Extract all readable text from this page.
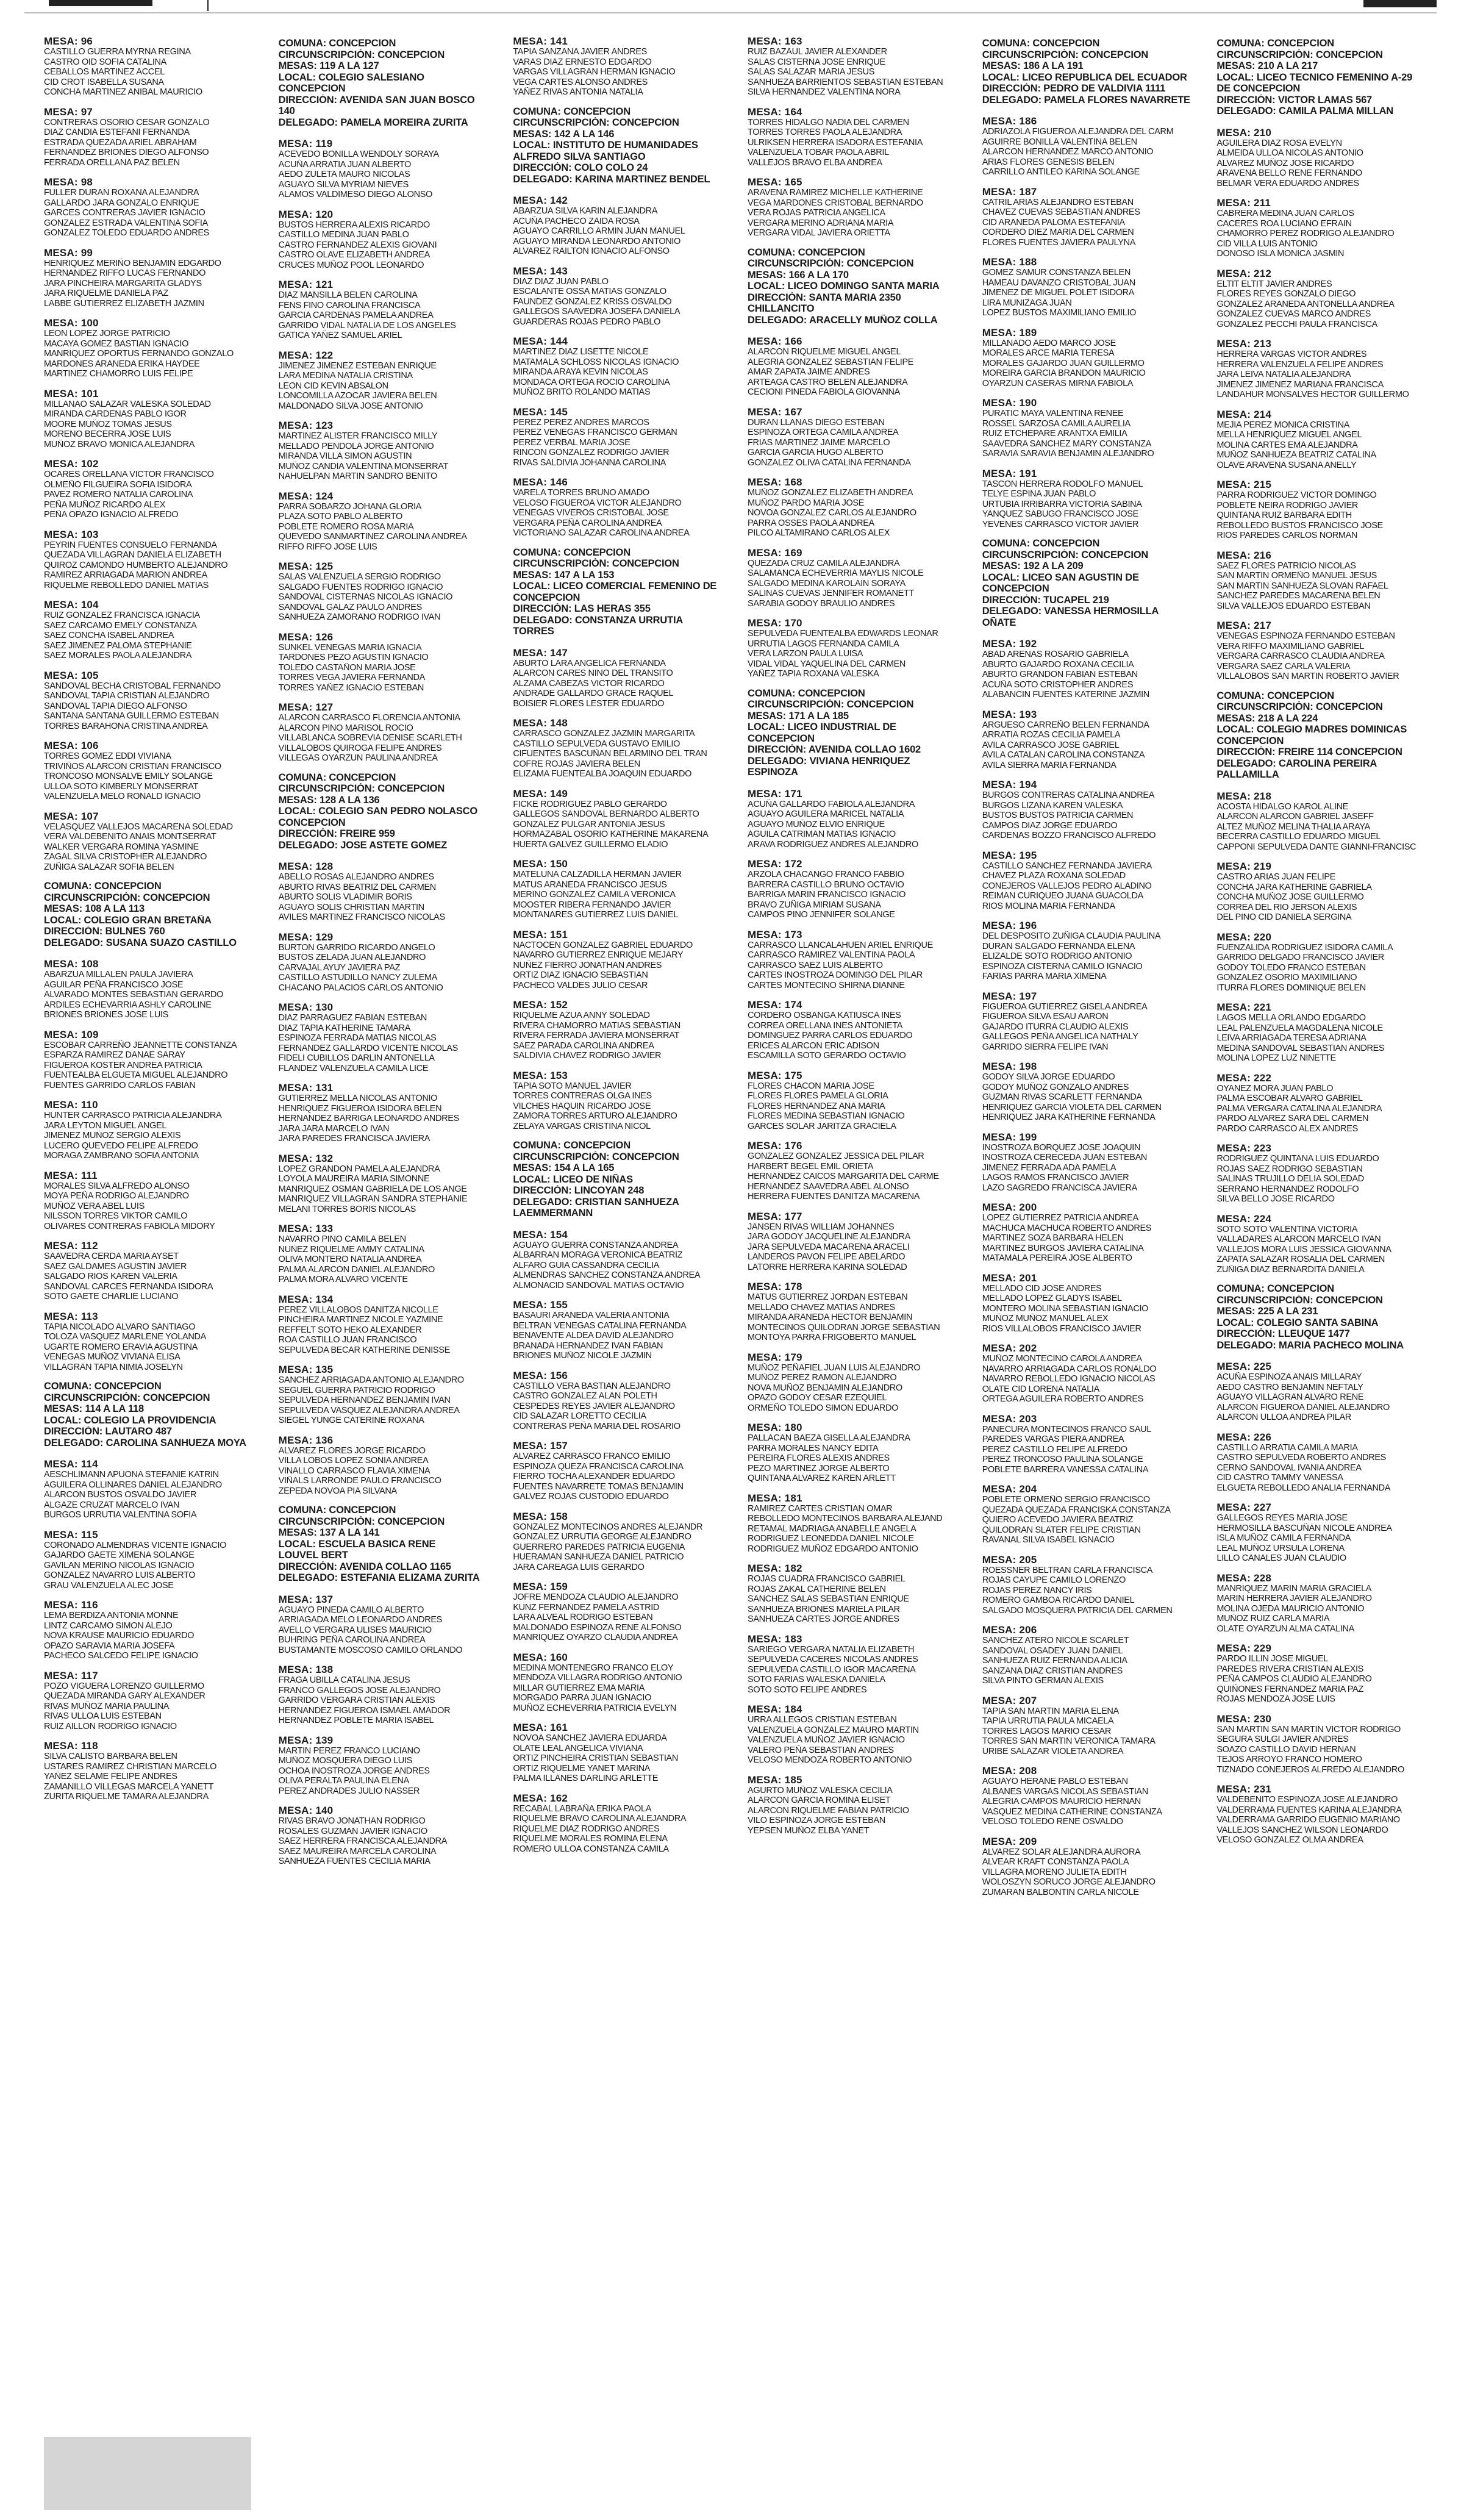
MESA: 96
CASTILLO GUERRA MYRNA REGINA
CASTRO OID SOFIA CATALINA
CEBALLOS MARTINEZ ACCEL
CID CROT ISABELLA SUSANA
CONCHA MARTINEZ ANIBAL MAURICIO
MESA: 97
CONTRERAS OSORIO CESAR GONZALO
DIAZ CANDIA ESTEFANI FERNANDA
ESTRADA QUEZADA ARIEL ABRAHAM
FERNANDEZ BRIONES DIEGO ALFONSO
FERRADA ORELLANA PAZ BELEN
MESA: 98
FULLER DURAN ROXANA ALEJANDRA
GALLARDO JARA GONZALO ENRIQUE
GARCES CONTRERAS JAVIER IGNACIO
GONZALEZ ESTRADA VALENTINA SOFIA
GONZALEZ TOLEDO EDUARDO ANDRES
MESA: 99
HENRIQUEZ MERIÑO BENJAMIN EDGARDO
HERNANDEZ RIFFO LUCAS FERNANDO
JARA PINCHEIRA MARGARITA GLADYS
JARA RIQUELME DANIELA PAZ
LABBE GUTIERREZ ELIZABETH JAZMIN
MESA: 100
LEON LOPEZ JORGE PATRICIO
MACAYA GOMEZ BASTIAN IGNACIO
MANRIQUEZ OPORTUS FERNANDO GONZALO
MARDONES ARANEDA ERIKA HAYDEE
MARTINEZ CHAMORRO LUIS FELIPE
MESA: 101
MILLANAO SALAZAR VALESKA SOLEDAD
MIRANDA CARDENAS PABLO IGOR
MOORE MUÑOZ TOMAS JESUS
MORENO BECERRA JOSE LUIS
MUÑOZ BRAVO MONICA ALEJANDRA
MESA: 102
OCARES ORELLANA VICTOR FRANCISCO
OLMEÑO FILGUEIRA SOFIA ISIDORA
PAVEZ ROMERO NATALIA CAROLINA
PEÑA MUÑOZ RICARDO ALEX
PEÑA OPAZO IGNACIO ALFREDO
MESA: 103
PEYRIN FUENTES CONSUELO FERNANDA
QUEZADA VILLAGRAN DANIELA ELIZABETH
QUIROZ CAMONDO HUMBERTO ALEJANDRO
RAMIREZ ARRIAGADA MARION ANDREA
RIQUELME REBOLLEDO DANIEL MATIAS
MESA: 104
RUIZ GONZALEZ FRANCISCA IGNACIA
SAEZ CARCAMO EMELY CONSTANZA
SAEZ CONCHA ISABEL ANDREA
SAEZ JIMENEZ PALOMA STEPHANIE
SAEZ MORALES PAOLA ALEJANDRA
MESA: 105
SANDOVAL BECHA CRISTOBAL FERNANDO
SANDOVAL TAPIA CRISTIAN ALEJANDRO
SANDOVAL TAPIA DIEGO ALFONSO
SANTANA SANTANA GUILLERMO ESTEBAN
TORRES BARAHONA CRISTINA ANDREA
MESA: 106
TORRES GOMEZ EDDI VIVIANA
TRIVIÑOS ALARCON CRISTIAN FRANCISCO
TRONCOSO MONSALVE EMILY SOLANGE
ULLOA SOTO KIMBERLY MONSERRAT
VALENZUELA MELO RONALD IGNACIO
MESA: 107
VELASQUEZ VALLEJOS MACARENA SOLEDAD
VERA VALDEBENITO ANAIS MONTSERRAT
WALKER VERGARA ROMINA YASMINE
ZAGAL SILVA CRISTOPHER ALEJANDRO
ZUÑIGA SALAZAR SOFIA BELEN
COMUNA: CONCEPCION
CIRCUNSCRIPCIÓN: CONCEPCION
MESAS: 108 A LA 113
LOCAL: COLEGIO GRAN BRETAÑA
DIRECCIÓN: BULNES 760
DELEGADO: SUSANA SUAZO CASTILLO
MESA: 108
ABARZUA MILLALEN PAULA JAVIERA
AGUILAR PEÑA FRANCISCO JOSE
ALVARADO MONTES SEBASTIAN GERARDO
ARDILES ECHEVARRIA ASHLY CAROLINE
BRIONES BRIONES JOSE LUIS
MESA: 109
ESCOBAR CARREÑO JEANNETTE CONSTANZA
ESPARZA RAMIREZ DANAE SARAY
FIGUEROA KOSTER ANDREA PATRICIA
FUENTEALBA ELGUETA MIGUEL ALEJANDRO
FUENTES GARRIDO CARLOS FABIAN
MESA: 110
HUNTER CARRASCO PATRICIA ALEJANDRA
JARA LEYTON MIGUEL ANGEL
JIMENEZ MUÑOZ SERGIO ALEXIS
LUCERO QUEVEDO FELIPE ALFREDO
MORAGA ZAMBRANO SOFIA ANTONIA
MESA: 111
MORALES SILVA ALFREDO ALONSO
MOYA PEÑA RODRIGO ALEJANDRO
MUÑOZ VERA ABEL LUIS
NILSSON TORRES VIKTOR CAMILO
OLIVARES CONTRERAS FABIOLA MIDORY
MESA: 112
SAAVEDRA CERDA MARIA AYSET
SAEZ GALDAMES AGUSTIN JAVIER
SALGADO RIOS KAREN VALERIA
SANDOVAL CARCES FERNANDA ISIDORA
SOTO GAETE CHARLIE LUCIANO
MESA: 113
TAPIA NICOLADO ALVARO SANTIAGO
TOLOZA VASQUEZ MARLENE YOLANDA
UGARTE ROMERO ERAVIA AGUSTINA
VENEGAS MUÑOZ VIVIANA ELISA
VILLAGRAN TAPIA NIMIA JOSELYN
COMUNA: CONCEPCION
CIRCUNSCRIPCIÓN: CONCEPCION
MESAS: 114 A LA 118
LOCAL: COLEGIO LA PROVIDENCIA
DIRECCIÓN: LAUTARO 487
DELEGADO: CAROLINA SANHUEZA MOYA
MESA: 114
AESCHLIMANN APUONA STEFANIE KATRIN
AGUILERA OLLINARES DANIEL ALEJANDRO
ALARCON BUSTOS OSVALDO JAVIER
ALGAZE CRUZAT MARCELO IVAN
BURGOS URRUTIA VALENTINA SOFIA
MESA: 115
CORONADO ALMENDRAS VICENTE IGNACIO
GAJARDO GAETE XIMENA SOLANGE
GAVILAN MERINO NICOLAS IGNACIO
GONZALEZ NAVARRO LUIS ALBERTO
GRAU VALENZUELA ALEC JOSE
MESA: 116
LEMA BERDIZA ANTONIA MONNE
LINTZ CARCAMO SIMON ALEJO
NOVA KRAUSE MAURICIO EDUARDO
OPAZO SARAVIA MARIA JOSEFA
PACHECO SALCEDO FELIPE IGNACIO
MESA: 117
POZO VIGUERA LORENZO GUILLERMO
QUEZADA MIRANDA GARY ALEXANDER
RIVAS MUÑOZ MARIA PAULINA
RIVAS ULLOA LUIS ESTEBAN
RUIZ AILLON RODRIGO IGNACIO
MESA: 118
SILVA CALISTO BARBARA BELEN
USTARES RAMIREZ CHRISTIAN MARCELO
YAÑEZ SELAME FELIPE ANDRES
ZAMANILLO VILLEGAS MARCELA YANETT
ZURITA RIQUELME TAMARA ALEJANDRA
COMUNA: CONCEPCION
CIRCUNSCRIPCIÓN: CONCEPCION
MESAS: 119 A LA 127
LOCAL: COLEGIO SALESIANO
CONCEPCION
DIRECCIÓN: AVENIDA SAN JUAN BOSCO
140
DELEGADO: PAMELA MOREIRA ZURITA
MESA: 119
ACEVEDO BONILLA WENDOLY SORAYA
ACUÑA ARRATIA JUAN ALBERTO
AEDO ZULETA MAURO NICOLAS
AGUAYO SILVA MYRIAM NIEVES
ALAMOS VALDIMESO DIEGO ALONSO
MESA: 120
BUSTOS HERRERA ALEXIS RICARDO
CASTILLO MEDINA JUAN PABLO
CASTRO FERNANDEZ ALEXIS GIOVANI
CASTRO OLAVE ELIZABETH ANDREA
CRUCES MUÑOZ POOL LEONARDO
MESA: 121
DIAZ MANSILLA BELEN CAROLINA
FENS FINO CAROLINA FRANCISCA
GARCIA CARDENAS PAMELA ANDREA
GARRIDO VIDAL NATALIA DE LOS ANGELES
GATICA YAÑEZ SAMUEL ARIEL
MESA: 122
JIMENEZ JIMENEZ ESTEBAN ENRIQUE
LARA MEDINA NATALIA CRISTINA
LEON CID KEVIN ABSALON
LONCOMILLA AZOCAR JAVIERA BELEN
MALDONADO SILVA JOSE ANTONIO
MESA: 123
MARTINEZ ALISTER FRANCISCO MILLY
MELLADO PENDOLA JORGE ANTONIO
MIRANDA VILLA SIMON AGUSTIN
MUÑOZ CANDIA VALENTINA MONSERRAT
NAHUELPAN MARTIN SANDRO BENITO
MESA: 124
PARRA SOBARZO JOHANA GLORIA
PLAZA SOTO PABLO ALBERTO
POBLETE ROMERO ROSA MARIA
QUEVEDO SANMARTINEZ CAROLINA ANDREA
RIFFO RIFFO JOSE LUIS
MESA: 125
SALAS VALENZUELA SERGIO RODRIGO
SALGADO FUENTES RODRIGO IGNACIO
SANDOVAL CISTERNAS NICOLAS IGNACIO
SANDOVAL GALAZ PAULO ANDRES
SANHUEZA ZAMORANO RODRIGO IVAN
MESA: 126
SUNKEL VENEGAS MARIA IGNACIA
TARDONES PEZO AGUSTIN IGNACIO
TOLEDO CASTAÑON MARIA JOSE
TORRES VEGA JAVIERA FERNANDA
TORRES YAÑEZ IGNACIO ESTEBAN
MESA: 127
ALARCON CARRASCO FLORENCIA ANTONIA
ALARCON PINO MARISOL ROCIO
VILLABLANCA SOBREVIA DENISE SCARLETH
VILLALOBOS QUIROGA FELIPE ANDRES
VILLEGAS OYARZUN PAULINA ANDREA
COMUNA: CONCEPCION
CIRCUNSCRIPCIÓN: CONCEPCION
MESAS: 128 A LA 136
LOCAL: COLEGIO SAN PEDRO NOLASCO
CONCEPCION
DIRECCIÓN: FREIRE 959
DELEGADO: JOSE ASTETE GOMEZ
MESA: 128
ABELLO ROSAS ALEJANDRO ANDRES
ABURTO RIVAS BEATRIZ DEL CARMEN
ABURTO SOLIS VLADIMIR BORIS
AGUAYO SOLIS CHRISTIAN MARTIN
AVILES MARTINEZ FRANCISCO NICOLAS
MESA: 129
BURTON GARRIDO RICARDO ANGELO
BUSTOS ZELADA JUAN ALEJANDRO
CARVAJAL AYUY JAVIERA PAZ
CASTILLO ASTUDILLO NANCY ZULEMA
CHACANO PALACIOS CARLOS ANTONIO
MESA: 130
DIAZ PARRAGUEZ FABIAN ESTEBAN
DIAZ TAPIA KATHERINE TAMARA
ESPINOZA FERRADA MATIAS NICOLAS
FERNANDEZ GALLARDO VICENTE NICOLAS
FIDELI CUBILLOS DARLIN ANTONELLA
FLANDEZ VALENZUELA CAMILA LICE
MESA: 131
GUTIERREZ MELLA NICOLAS ANTONIO
HENRIQUEZ FIGUEROA ISIDORA BELEN
HERNANDEZ BARRIGA LEONARDO ANDRES
JARA JARA MARCELO IVAN
JARA PAREDES FRANCISCA JAVIERA
MESA: 132
LOPEZ GRANDON PAMELA ALEJANDRA
LOYOLA MAUREIRA MARIA SIMONNE
MANRIQUEZ OSMAN GABRIELA DE LOS ANGE
MANRIQUEZ VILLAGRAN SANDRA STEPHANIE
MELANI TORRES BORIS NICOLAS
MESA: 133
NAVARRO PINO CAMILA BELEN
NUÑEZ RIQUELME AMMY CATALINA
OLIVA MONTERO NATALIA ANDREA
PALMA ALARCON DANIEL ALEJANDRO
PALMA MORA ALVARO VICENTE
MESA: 134
PEREZ VILLALOBOS DANITZA NICOLLE
PINCHEIRA MARTINEZ NICOLE YAZMINE
REFFELT SOTO HEKO ALEXANDER
ROA CASTILLO JUAN FRANCISCO
SEPULVEDA BECAR KATHERINE DENISSE
MESA: 135
SANCHEZ ARRIAGADA ANTONIO ALEJANDRO
SEGUEL GUERRA PATRICIO RODRIGO
SEPULVEDA HERNANDEZ BENJAMIN IVAN
SEPULVEDA VASQUEZ ALEJANDRA ANDREA
SIEGEL YUNGE CATERINE ROXANA
MESA: 136
ALVAREZ FLORES JORGE RICARDO
VILLA LOBOS LOPEZ SONIA ANDREA
VINALLO CARRASCO FLAVIA XIMENA
VIÑALS LARRONDE PAULO FRANCISCO
ZEPEDA NOVOA PIA SILVANA
COMUNA: CONCEPCION
CIRCUNSCRIPCIÓN: CONCEPCION
MESAS: 137 A LA 141
LOCAL: ESCUELA BASICA RENE
LOUVEL BERT
DIRECCIÓN: AVENIDA COLLAO 1165
DELEGADO: ESTEFANIA ELIZAMA ZURITA
MESA: 137
AGUAYO PINEDA CAMILO ALBERTO
ARRIAGADA MELO LEONARDO ANDRES
AVELLO VERGARA ULISES MAURICIO
BUHRING PEÑA CAROLINA ANDREA
BUSTAMANTE MOSCOSO CAMILO ORLANDO
MESA: 138
FRAGA UBILLA CATALINA JESUS
FRANCO GALLEGOS JOSE ALEJANDRO
GARRIDO VERGARA CRISTIAN ALEXIS
HERNANDEZ FIGUEROA ISMAEL AMADOR
HERNANDEZ POBLETE MARIA ISABEL
MESA: 139
MARTIN PEREZ FRANCO LUCIANO
MUÑOZ MOSQUERA DIEGO LUIS
OCHOA INOSTROZA JORGE ANDRES
OLIVA PERALTA PAULINA ELENA
PEREZ ANDRADES JULIO NASSER
MESA: 140
RIVAS BRAVO JONATHAN RODRIGO
ROSALES GUZMAN JAVIER IGNACIO
SAEZ HERRERA FRANCISCA ALEJANDRA
SAEZ MAUREIRA MARCELA CAROLINA
SANHUEZA FUENTES CECILIA MARIA
MESA: 141
TAPIA SANZANA JAVIER ANDRES
VARAS DIAZ ERNESTO EDGARDO
VARGAS VILLAGRAN HERMAN IGNACIO
VEGA CARTES ALONSO ANDRES
YAÑEZ RIVAS ANTONIA NATALIA
COMUNA: CONCEPCION
CIRCUNSCRIPCIÓN: CONCEPCION
MESAS: 142 A LA 146
LOCAL: INSTITUTO DE HUMANIDADES
ALFREDO SILVA SANTIAGO
DIRECCIÓN: COLO COLO 24
DELEGADO: KARINA MARTINEZ BENDEL
MESA: 142
ABARZUA SILVA KARIN ALEJANDRA
ACUÑA PACHECO ZAIDA ROSA
AGUAYO CARRILLO ARMIN JUAN MANUEL
AGUAYO MIRANDA LEONARDO ANTONIO
ALVAREZ RAILTON IGNACIO ALFONSO
MESA: 143
DIAZ DIAZ JUAN PABLO
ESCALANTE OSSA MATIAS GONZALO
FAUNDEZ GONZALEZ KRISS OSVALDO
GALLEGOS SAAVEDRA JOSEFA DANIELA
GUARDERAS ROJAS PEDRO PABLO
MESA: 144
MARTINEZ DIAZ LISETTE NICOLE
MATAMALA SCHLOSS NICOLAS IGNACIO
MIRANDA ARAYA KEVIN NICOLAS
MONDACA ORTEGA ROCIO CAROLINA
MUÑOZ BRITO ROLANDO MATIAS
MESA: 145
PEREZ PEREZ ANDRES MARCOS
PEREZ VENEGAS FRANCISCO GERMAN
PEREZ VERBAL MARIA JOSE
RINCON GONZALEZ RODRIGO JAVIER
RIVAS SALDIVIA JOHANNA CAROLINA
MESA: 146
VARELA TORRES BRUNO AMADO
VELOSO FIGUEROA VICTOR ALEJANDRO
VENEGAS VIVEROS CRISTOBAL JOSE
VERGARA PEÑA CAROLINA ANDREA
VICTORIANO SALAZAR CAROLINA ANDREA
COMUNA: CONCEPCION
CIRCUNSCRIPCIÓN: CONCEPCION
MESAS: 147 A LA 153
LOCAL: LICEO COMERCIAL FEMENINO DE
CONCEPCION
DIRECCIÓN: LAS HERAS 355
DELEGADO: CONSTANZA URRUTIA
TORRES
MESA: 147
ABURTO LARA ANGELICA FERNANDA
ALARCON CARES NINO DEL TRANSITO
ALZAMA CABEZAS VICTOR RICARDO
ANDRADE GALLARDO GRACE RAQUEL
BOISIER FLORES LESTER EDUARDO
MESA: 148
CARRASCO GONZALEZ JAZMIN MARGARITA
CASTILLO SEPULVEDA GUSTAVO EMILIO
CIFUENTES BASCUÑAN BELARMINO DEL TRAN
COFRE ROJAS JAVIERA BELEN
ELIZAMA FUENTEALBA JOAQUIN EDUARDO
MESA: 149
FICKE RODRIGUEZ PABLO GERARDO
GALLEGOS SANDOVAL BERNARDO ALBERTO
GONZALEZ PULGAR ANTONIA JESUS
HORMAZABAL OSORIO KATHERINE MAKARENA
HUERTA GALVEZ GUILLERMO ELADIO
MESA: 150
MATELUNA CALZADILLA HERMAN JAVIER
MATUS ARANEDA FRANCISCO JESUS
MERINO GONZALEZ CAMILA VERONICA
MOOSTER RIBERA FERNANDO JAVIER
MONTANARES GUTIERREZ LUIS DANIEL
MESA: 151
NACTOCEN GONZALEZ GABRIEL EDUARDO
NAVARRO GUTIERREZ ENRIQUE MEJARY
NUÑEZ FIERRO JONATHAN ANDRES
ORTIZ DIAZ IGNACIO SEBASTIAN
PACHECO VALDES JULIO CESAR
MESA: 152
RIQUELME AZUA ANNY SOLEDAD
RIVERA CHAMORRO MATIAS SEBASTIAN
RIVERA FERRADA JAVIERA MONSERRAT
SAEZ PARADA CAROLINA ANDREA
SALDIVIA CHAVEZ RODRIGO JAVIER
MESA: 153
TAPIA SOTO MANUEL JAVIER
TORRES CONTRERAS OLGA INES
VILCHES HAQUIN RICARDO JOSE
ZAMORA TORRES ARTURO ALEJANDRO
ZELAYA VARGAS CRISTINA NICOL
COMUNA: CONCEPCION
CIRCUNSCRIPCIÓN: CONCEPCION
MESAS: 154 A LA 165
LOCAL: LICEO DE NIÑAS
DIRECCIÓN: LINCOYAN 248
DELEGADO: CRISTIAN SANHUEZA
LAEMMERMANN
MESA: 154
AGUAYO GUERRA CONSTANZA ANDREA
ALBARRAN MORAGA VERONICA BEATRIZ
ALFARO GUIA CASSANDRA CECILIA
ALMENDRAS SANCHEZ CONSTANZA ANDREA
ALMONACID SANDOVAL MATIAS OCTAVIO
MESA: 155
BASAURI ARANEDA VALERIA ANTONIA
BELTRAN VENEGAS CATALINA FERNANDA
BENAVENTE ALDEA DAVID ALEJANDRO
BRANADA HERNANDEZ IVAN FABIAN
BRIONES MUÑOZ NICOLE JAZMIN
MESA: 156
CASTILLO VERA BASTIAN ALEJANDRO
CASTRO GONZALEZ ALAN POLETH
CESPEDES REYES JAVIER ALEJANDRO
CID SALAZAR LORETTO CECILIA
CONTRERAS PEÑA MARIA DEL ROSARIO
MESA: 157
ALVAREZ CARRASCO FRANCO EMILIO
ESPINOZA QUEZA FRANCISCA CAROLINA
FIERRO TOCHA ALEXANDER EDUARDO
FUENTES NAVARRETE TOMAS BENJAMIN
GALVEZ ROJAS CUSTODIO EDUARDO
MESA: 158
GONZALEZ MONTECINOS ANDRES ALEJANDR
GONZALEZ URRUTIA GEORGE ALEJANDRO
GUERRERO PAREDES PATRICIA EUGENIA
HUERAMAN SANHUEZA DANIEL PATRICIO
JARA CAREAGA LUIS GERARDO
MESA: 159
JOFRE MENDOZA CLAUDIO ALEJANDRO
KUNZ FERNANDEZ PAMELA ASTRID
LARA ALVEAL RODRIGO ESTEBAN
MALDONADO ESPINOZA RENE ALFONSO
MANRIQUEZ OYARZO CLAUDIA ANDREA
MESA: 160
MEDINA MONTENEGRO FRANCO ELOY
MENDOZA VILLAGRA RODRIGO ANTONIO
MILLAR GUTIERREZ EMA MARIA
MORGADO PARRA JUAN IGNACIO
MUÑOZ ECHEVERRIA PATRICIA EVELYN
MESA: 161
NOVOA SANCHEZ JAVIERA EDUARDA
OLATE LEAL ANGELICA VIVIANA
ORTIZ PINCHEIRA CRISTIAN SEBASTIAN
ORTIZ RIQUELME YANET MARINA
PALMA ILLANES DARLING ARLETTE
MESA: 162
RECABAL LABRAÑA ERIKA PAOLA
RIQUELME BRAVO CAROLINA ALEJANDRA
RIQUELME DIAZ RODRIGO ANDRES
RIQUELME MORALES ROMINA ELENA
ROMERO ULLOA CONSTANZA CAMILA
MESA: 163
RUIZ BAZAUL JAVIER ALEXANDER
SALAS CISTERNA JOSE ENRIQUE
SALAS SALAZAR MARIA JESUS
SANHUEZA BARRIENTOS SEBASTIAN ESTEBAN
SILVA HERNANDEZ VALENTINA NORA
MESA: 164
TORRES HIDALGO NADIA DEL CARMEN
TORRES TORRES PAOLA ALEJANDRA
ULRIKSEN HERRERA ISADORA ESTEFANIA
VALENZUELA TOBAR PAOLA ABRIL
VALLEJOS BRAVO ELBA ANDREA
MESA: 165
ARAVENA RAMIREZ MICHELLE KATHERINE
VEGA MARDONES CRISTOBAL BERNARDO
VERA ROJAS PATRICIA ANGELICA
VERGARA MERINO ADRIANA MARIA
VERGARA VIDAL JAVIERA ORIETTA
COMUNA: CONCEPCION
CIRCUNSCRIPCIÓN: CONCEPCION
MESAS: 166 A LA 170
LOCAL: LICEO DOMINGO SANTA MARIA
DIRECCIÓN: SANTA MARIA 2350
CHILLANCITO
DELEGADO: ARACELLY MUÑOZ COLLA
MESA: 166
ALARCON RIQUELME MIGUEL ANGEL
ALEGRIA GONZALEZ SEBASTIAN FELIPE
AMAR ZAPATA JAIME ANDRES
ARTEAGA CASTRO BELEN ALEJANDRA
CECIONI PINEDA FABIOLA GIOVANNA
MESA: 167
DURAN LLANAS DIEGO ESTEBAN
ESPINOZA ORTEGA CAMILA ANDREA
FRIAS MARTINEZ JAIME MARCELO
GARCIA GARCIA HUGO ALBERTO
GONZALEZ OLIVA CATALINA FERNANDA
MESA: 168
MUÑOZ GONZALEZ ELIZABETH ANDREA
MUÑOZ PARDO MARIA JOSE
NOVOA GONZALEZ CARLOS ALEJANDRO
PARRA OSSES PAOLA ANDREA
PILCO ALTAMIRANO CARLOS ALEX
MESA: 169
QUEZADA CRUZ CAMILA ALEJANDRA
SALAMANCA ECHEVERRIA MAYLIS NICOLE
SALGADO MEDINA KAROLAIN SORAYA
SALINAS CUEVAS JENNIFER ROMANETT
SARABIA GODOY BRAULIO ANDRES
MESA: 170
SEPULVEDA FUENTEALBA EDWARDS LEONAR
URRUTIA LAGOS FERNANDA CAMILA
VERA LARZON PAULA LUISA
VIDAL VIDAL YAQUELINA DEL CARMEN
YAÑEZ TAPIA ROXANA VALESKA
COMUNA: CONCEPCION
CIRCUNSCRIPCIÓN: CONCEPCION
MESAS: 171 A LA 185
LOCAL: LICEO INDUSTRIAL DE
CONCEPCION
DIRECCIÓN: AVENIDA COLLAO 1602
DELEGADO: VIVIANA HENRIQUEZ
ESPINOZA
MESA: 171
ACUÑA GALLARDO FABIOLA ALEJANDRA
AGUAYO AGUILERA MARICEL NATALIA
AGUAYO MUÑOZ ELVIO ENRIQUE
AGUILA CATRIMAN MATIAS IGNACIO
ARAVA RODRIGUEZ ANDRES ALEJANDRO
MESA: 172
ARZOLA CHACANGO FRANCO FABBIO
BARRERA CASTILLO BRUNO OCTAVIO
BARRIGA MARIN FRANCISCO IGNACIO
BRAVO ZUÑIGA MIRIAM SUSANA
CAMPOS PINO JENNIFER SOLANGE
MESA: 173
CARRASCO LLANCALAHUEN ARIEL ENRIQUE
CARRASCO RAMIREZ VALENTINA PAOLA
CARRASCO SAEZ LUIS ALBERTO
CARTES INOSTROZA DOMINGO DEL PILAR
CARTES MONTECINO SHIRNA DIANNE
MESA: 174
CORDERO OSBANGA KATIUSCA INES
CORREA ORELLANA INES ANTONIETA
DOMINGUEZ PARRA CARLOS EDUARDO
ERICES ALARCON ERIC ADISON
ESCAMILLA SOTO GERARDO OCTAVIO
MESA: 175
FLORES CHACON MARIA JOSE
FLORES FLORES PAMELA GLORIA
FLORES HERNANDEZ ANA MARIA
FLORES MEDINA SEBASTIAN IGNACIO
GARCES SOLAR JARITZA GRACIELA
MESA: 176
GONZALEZ GONZALEZ JESSICA DEL PILAR
HARBERT BEGEL EMIL ORIETA
HERNANDEZ CAICOS MARGARITA DEL CARME
HERNANDEZ SAAVEDRA ABEL ALONSO
HERRERA FUENTES DANITZA MACARENA
MESA: 177
JANSEN RIVAS WILLIAM JOHANNES
JARA GODOY JACQUELINE ALEJANDRA
JARA SEPULVEDA MACARENA ARACELI
LANDEROS PAVON FELIPE ABELARDO
LATORRE HERRERA KARINA SOLEDAD
MESA: 178
MATUS GUTIERREZ JORDAN ESTEBAN
MELLADO CHAVEZ MATIAS ANDRES
MIRANDA ARANEDA HECTOR BENJAMIN
MONTECINOS QUILODRAN JORGE SEBASTIAN
MONTOYA PARRA FRIGOBERTO MANUEL
MESA: 179
MUÑOZ PEÑAFIEL JUAN LUIS ALEJANDRO
MUÑOZ PEREZ RAMON ALEJANDRO
NOVA MUÑOZ BENJAMIN ALEJANDRO
OPAZO GODOY CESAR EZEQUIEL
ORMEÑO TOLEDO SIMON EDUARDO
MESA: 180
PALLACAN BAEZA GISELLA ALEJANDRA
PARRA MORALES NANCY EDITA
PEREIRA FLORES ALEXIS ANDRES
PEZO MARTINEZ JORGE ALBERTO
QUINTANA ALVAREZ KAREN ARLETT
MESA: 181
RAMIREZ CARTES CRISTIAN OMAR
REBOLLEDO MONTECINOS BARBARA ALEJAND
RETAMAL MADRIAGA ANABELLE ANGELA
RODRIGUEZ LEONEDDA DANIEL NICOLE
RODRIGUEZ MUÑOZ EDGARDO ANTONIO
MESA: 182
ROJAS CUADRA FRANCISCO GABRIEL
ROJAS ZAKAL CATHERINE BELEN
SANCHEZ SALAS SEBASTIAN ENRIQUE
SANHUEZA BRIONES MARIELA PILAR
SANHUEZA CARTES JORGE ANDRES
MESA: 183
SARIEGO VERGARA NATALIA ELIZABETH
SEPULVEDA CACERES NICOLAS ANDRES
SEPULVEDA CASTILLO IGOR MACARENA
SOTO FARIAS WALESKA DANIELA
SOTO SOTO FELIPE ANDRES
MESA: 184
URRA ALLEGOS CRISTIAN ESTEBAN
VALENZUELA GONZALEZ MAURO MARTIN
VALENZUELA MUÑOZ JAVIER IGNACIO
VALERO PEÑA SEBASTIAN ANDRES
VELOSO MENDOZA ROBERTO ANTONIO
MESA: 185
AGURTO MUÑOZ VALESKA CECILIA
ALARCON GARCIA ROMINA ELISET
ALARCON RIQUELME FABIAN PATRICIO
VILO ESPINOZA JORGE ESTEBAN
YEPSEN MUÑOZ ELBA YANET
COMUNA: CONCEPCION
CIRCUNSCRIPCIÓN: CONCEPCION
MESAS: 186 A LA 191
LOCAL: LICEO REPUBLICA DEL ECUADOR
DIRECCIÓN: PEDRO DE VALDIVIA 1111
DELEGADO: PAMELA FLORES NAVARRETE
MESA: 186
ADRIAZOLA FIGUEROA ALEJANDRA DEL CARM
AGUIRRE BONILLA VALENTINA BELEN
ALARCON HERNANDEZ MARCO ANTONIO
ARIAS FLORES GENESIS BELEN
CARRILLO ANTILEO KARINA SOLANGE
MESA: 187
CATRIL ARIAS ALEJANDRO ESTEBAN
CHAVEZ CUEVAS SEBASTIAN ANDRES
CID ARANEDA PALOMA ESTEFANIA
CORDERO DIEZ MARIA DEL CARMEN
FLORES FUENTES JAVIERA PAULYNA
MESA: 188
GOMEZ SAMUR CONSTANZA BELEN
HAMEAU DAVANZO CRISTOBAL JUAN
JIMENEZ DE MIGUEL POLET ISIDORA
LIRA MUNIZAGA JUAN
LOPEZ BUSTOS MAXIMILIANO EMILIO
MESA: 189
MILLANADO AEDO MARCO JOSE
MORALES ARCE MARIA TERESA
MORALES GAJARDO JUAN GUILLERMO
MOREIRA GARCIA BRANDON MAURICIO
OYARZUN CASERAS MIRNA FABIOLA
MESA: 190
PURATIC MAYA VALENTINA RENEE
ROSSEL SARZOSA CAMILA AURELIA
RUIZ ETCHEPARE ARANTXA EMILIA
SAAVEDRA SANCHEZ MARY CONSTANZA
SARAVIA SARAVIA BENJAMIN ALEJANDRO
MESA: 191
TASCON HERRERA RODOLFO MANUEL
TELYE ESPINA JUAN PABLO
URTUBIA IRRIBARRA VICTORIA SABINA
YANQUEZ SABUGO FRANCISCO JOSE
YEVENES CARRASCO VICTOR JAVIER
COMUNA: CONCEPCION
CIRCUNSCRIPCIÓN: CONCEPCION
MESAS: 192 A LA 209
LOCAL: LICEO SAN AGUSTIN DE
CONCEPCION
DIRECCIÓN: TUCAPEL 219
DELEGADO: VANESSA HERMOSILLA
OÑATE
MESA: 192
ABAD ARENAS ROSARIO GABRIELA
ABURTO GAJARDO ROXANA CECILIA
ABURTO GRANDON FABIAN ESTEBAN
ACUÑA SOTO CRISTOPHER ANDRES
ALABANCIN FUENTES KATERINE JAZMIN
MESA: 193
ARGUESO CARREÑO BELEN FERNANDA
ARRATIA ROZAS CECILIA PAMELA
AVILA CARRASCO JOSE GABRIEL
AVILA CATALAN CAROLINA CONSTANZA
AVILA SIERRA MARIA FERNANDA
MESA: 194
BURGOS CONTRERAS CATALINA ANDREA
BURGOS LIZANA KAREN VALESKA
BUSTOS BUSTOS PATRICIA CARMEN
CAMPOS DIAZ JORGE EDUARDO
CARDENAS BOZZO FRANCISCO ALFREDO
MESA: 195
CASTILLO SANCHEZ FERNANDA JAVIERA
CHAVEZ PLAZA ROXANA SOLEDAD
CONEJEROS VALLEJOS PEDRO ALADINO
REIMAN CURIQUEO JUANA GUACOLDA
RIOS MOLINA MARIA FERNANDA
MESA: 196
DEL DESPOSITO ZUÑIGA CLAUDIA PAULINA
DURAN SALGADO FERNANDA ELENA
ELIZALDE SOTO RODRIGO ANTONIO
ESPINOZA CISTERNA CAMILO IGNACIO
FARIAS PARRA MARIA XIMENA
MESA: 197
FIGUEROA GUTIERREZ GISELA ANDREA
FIGUEROA SILVA ESAU AARON
GAJARDO ITURRA CLAUDIO ALEXIS
GALLEGOS PEÑA ANGELICA NATHALY
GARRIDO SIERRA FELIPE IVAN
MESA: 198
GODOY SILVA JORGE EDUARDO
GODOY MUÑOZ GONZALO ANDRES
GUZMAN RIVAS SCARLETT FERNANDA
HENRIQUEZ GARCIA VIOLETA DEL CARMEN
HENRIQUEZ JARA KATHERINE FERNANDA
MESA: 199
INOSTROZA BORQUEZ JOSE JOAQUIN
INOSTROZA CERECEDA JUAN ESTEBAN
JIMENEZ FERRADA ADA PAMELA
LAGOS RAMOS FRANCISCO JAVIER
LAZO SAGREDO FRANCISCA JAVIERA
MESA: 200
LOPEZ GUTIERREZ PATRICIA ANDREA
MACHUCA MACHUCA ROBERTO ANDRES
MARTINEZ SOZA BARBARA HELEN
MARTINEZ BURGOS JAVIERA CATALINA
MATAMALA PEREIRA JOSE ALBERTO
MESA: 201
MELLADO CID JOSE ANDRES
MELLADO LOPEZ GLADYS ISABEL
MONTERO MOLINA SEBASTIAN IGNACIO
MUÑOZ MUÑOZ MANUEL ALEX
RIOS VILLALOBOS FRANCISCO JAVIER
MESA: 202
MUÑOZ MONTECINO CAROLA ANDREA
NAVARRO ARRIAGADA CARLOS RONALDO
NAVARRO REBOLLEDO IGNACIO NICOLAS
OLATE CID LORENA NATALIA
ORTEGA AGUILERA ROBERTO ANDRES
MESA: 203
PANECURA MONTECINOS FRANCO SAUL
PAREDES VARGAS PIERA ANDREA
PEREZ CASTILLO FELIPE ALFREDO
PEREZ TRONCOSO PAULINA SOLANGE
POBLETE BARRERA VANESSA CATALINA
MESA: 204
POBLETE ORMEÑO SERGIO FRANCISCO
QUEZADA QUEZADA FRANCISKA CONSTANZA
QUIERO ACEVEDO JAVIERA BEATRIZ
QUILODRAN SLATER FELIPE CRISTIAN
RAVANAL SILVA ISABEL IGNACIO
MESA: 205
ROESSNER BELTRAN CARLA FRANCISCA
ROJAS CAYUPE CAMILO LORENZO
ROJAS PEREZ NANCY IRIS
ROMERO GAMBOA RICARDO DANIEL
SALGADO MOSQUERA PATRICIA DEL CARMEN
MESA: 206
SANCHEZ ATERO NICOLE SCARLET
SANDOVAL OSADEY JUAN DANIEL
SANHUEZA RUIZ FERNANDA ALICIA
SANZANA DIAZ CRISTIAN ANDRES
SILVA PINTO GERMAN ALEXIS
MESA: 207
TAPIA SAN MARTIN MARIA ELENA
TAPIA URRUTIA PAULA MICAELA
TORRES LAGOS MARIO CESAR
TORRES SAN MARTIN VERONICA TAMARA
URIBE SALAZAR VIOLETA ANDREA
MESA: 208
AGUAYO HERANE PABLO ESTEBAN
ALBANES VARGAS NICOLAS SEBASTIAN
ALEGRIA CAMPOS MAURICIO HERNAN
VASQUEZ MEDINA CATHERINE CONSTANZA
VELOSO TOLEDO RENE OSVALDO
MESA: 209
ALVAREZ SOLAR ALEJANDRA AURORA
ALVEAR KRAFT CONSTANZA PAOLA
VILLAGRA MORENO JULIETA EDITH
WOLOSZYN SORUCO JORGE ALEJANDRO
ZUMARAN BALBONTIN CARLA NICOLE
COMUNA: CONCEPCION
CIRCUNSCRIPCIÓN: CONCEPCION
MESAS: 210 A LA 217
LOCAL: LICEO TECNICO FEMENINO A-29
DE CONCEPCION
DIRECCIÓN: VICTOR LAMAS 567
DELEGADO: CAMILA PALMA MILLAN
MESA: 210
AGUILERA DIAZ ROSA EVELYN
ALMEIDA ULLOA NICOLAS ANTONIO
ALVAREZ MUÑOZ JOSE RICARDO
ARAVENA BELLO RENE FERNANDO
BELMAR VERA EDUARDO ANDRES
MESA: 211
CABRERA MEDINA JUAN CARLOS
CACERES ROA LUCIANO EFRAIN
CHAMORRO PEREZ RODRIGO ALEJANDRO
CID VILLA LUIS ANTONIO
DONOSO ISLA MONICA JASMIN
MESA: 212
ELTIT ELTIT JAVIER ANDRES
FLORES REYES GONZALO DIEGO
GONZALEZ ARANEDA ANTONELLA ANDREA
GONZALEZ CUEVAS MARCO ANDRES
GONZALEZ PECCHI PAULA FRANCISCA
MESA: 213
HERRERA VARGAS VICTOR ANDRES
HERRERA VALENZUELA FELIPE ANDRES
JARA LEIVA NATALIA ALEJANDRA
JIMENEZ JIMENEZ MARIANA FRANCISCA
LANDAHUR MONSALVES HECTOR GUILLERMO
MESA: 214
MEJIA PEREZ MONICA CRISTINA
MELLA HENRIQUEZ MIGUEL ANGEL
MOLINA CARTES EMA ALEJANDRA
MUÑOZ SANHUEZA BEATRIZ CATALINA
OLAVE ARAVENA SUSANA ANELLY
MESA: 215
PARRA RODRIGUEZ VICTOR DOMINGO
POBLETE NEIRA RODRIGO JAVIER
QUINTANA RUIZ BARBARA EDITH
REBOLLEDO BUSTOS FRANCISCO JOSE
RIOS PAREDES CARLOS NORMAN
MESA: 216
SAEZ FLORES PATRICIO NICOLAS
SAN MARTIN ORMEÑO MANUEL JESUS
SAN MARTIN SANHUEZA SLOVAN RAFAEL
SANCHEZ PAREDES MACARENA BELEN
SILVA VALLEJOS EDUARDO ESTEBAN
MESA: 217
VENEGAS ESPINOZA FERNANDO ESTEBAN
VERA RIFFO MAXIMILIANO GABRIEL
VERGARA CARRASCO CLAUDIA ANDREA
VERGARA SAEZ CARLA VALERIA
VILLALOBOS SAN MARTIN ROBERTO JAVIER
COMUNA: CONCEPCION
CIRCUNSCRIPCIÓN: CONCEPCION
MESAS: 218 A LA 224
LOCAL: COLEGIO MADRES DOMINICAS
CONCEPCION
DIRECCIÓN: FREIRE 114 CONCEPCION
DELEGADO: CAROLINA PEREIRA
PALLAMILLA
MESA: 218
ACOSTA HIDALGO KAROL ALINE
ALARCON ALARCON GABRIEL JASEFF
ALTEZ MUÑOZ MELINA THALIA ARAYA
BECERRA CASTILLO EDUARDO MIGUEL
CAPPONI SEPULVEDA DANTE GIANNI-FRANCISC
MESA: 219
CASTRO ARIAS JUAN FELIPE
CONCHA JARA KATHERINE GABRIELA
CONCHA MUÑOZ JOSE GUILLERMO
CORREA DEL RIO JERSON ALEXIS
DEL PINO CID DANIELA SERGINA
MESA: 220
FUENZALIDA RODRIGUEZ ISIDORA CAMILA
GARRIDO DELGADO FRANCISCO JAVIER
GODOY TOLEDO FRANCO ESTEBAN
GONZALEZ OSORIO MAXIMILIANO
ITURRA FLORES DOMINIQUE BELEN
MESA: 221
LAGOS MELLA ORLANDO EDGARDO
LEAL PALENZUELA MAGDALENA NICOLE
LEIVA ARRIAGADA TERESA ADRIANA
MEDINA SANDOVAL SEBASTIAN ANDRES
MOLINA LOPEZ LUZ NINETTE
MESA: 222
OYANEZ MORA JUAN PABLO
PALMA ESCOBAR ALVARO GABRIEL
PALMA VERGARA CATALINA ALEJANDRA
PARDO ALVAREZ SARA DEL CARMEN
PARDO CARRASCO ALEX ANDRES
MESA: 223
RODRIGUEZ QUINTANA LUIS EDUARDO
ROJAS SAEZ RODRIGO SEBASTIAN
SALINAS TRUJILLO DELIA SOLEDAD
SERRANO HERNANDEZ RODOLFO
SILVA BELLO JOSE RICARDO
MESA: 224
SOTO SOTO VALENTINA VICTORIA
VALLADARES ALARCON MARCELO IVAN
VALLEJOS MORA LUIS JESSICA GIOVANNA
ZAPATA SALAZAR ROSALIA DEL CARMEN
ZUÑIGA DIAZ BERNARDITA DANIELA
COMUNA: CONCEPCION
CIRCUNSCRIPCIÓN: CONCEPCION
MESAS: 225 A LA 231
LOCAL: COLEGIO SANTA SABINA
DIRECCIÓN: LLEUQUE 1477
DELEGADO: MARIA PACHECO MOLINA
MESA: 225
ACUÑA ESPINOZA ANAIS MILLARAY
AEDO CASTRO BENJAMIN NEFTALY
AGUAYO VILLAGRAN ALVARO RENE
ALARCON FIGUEROA DANIEL ALEJANDRO
ALARCON ULLOA ANDREA PILAR
MESA: 226
CASTILLO ARRATIA CAMILA MARIA
CASTRO SEPULVEDA ROBERTO ANDRES
CERNO SANDOVAL IVANIA ANDREA
CID CASTRO TAMMY VANESSA
ELGUETA REBOLLEDO ANALIA FERNANDA
MESA: 227
GALLEGOS REYES MARIA JOSE
HERMOSILLA BASCUÑAN NICOLE ANDREA
ISLA MUÑOZ CAMILA FERNANDA
LEAL MUÑOZ URSULA LORENA
LILLO CANALES JUAN CLAUDIO
MESA: 228
MANRIQUEZ MARIN MARIA GRACIELA
MARIN HERRERA JAVIER ALEJANDRO
MOLINA OJEDA MAURICIO ANTONIO
MUÑOZ RUIZ CARLA MARIA
OLATE OYARZUN ALMA CATALINA
MESA: 229
PARDO ILLIN JOSE MIGUEL
PAREDES RIVERA CRISTIAN ALEXIS
PEÑA CAMPOS CLAUDIO ALEJANDRO
QUIÑONES FERNANDEZ MARIA PAZ
ROJAS MENDOZA JOSE LUIS
MESA: 230
SAN MARTIN SAN MARTIN VICTOR RODRIGO
SEGURA SULGI JAVIER ANDRES
SOAZO CASTILLO DAVID HERNAN
TEJOS ARROYO FRANCO HOMERO
TIZNADO CONEJEROS ALFREDO ALEJANDRO
MESA: 231
VALDEBENITO ESPINOZA JOSE ALEJANDRO
VALDERRAMA FUENTES KARINA ALEJANDRA
VALDERRAMA GARRIDO EUGENIO MARIANO
VALLEJOS SANCHEZ WILSON LEONARDO
VELOSO GONZALEZ OLMA ANDREA
